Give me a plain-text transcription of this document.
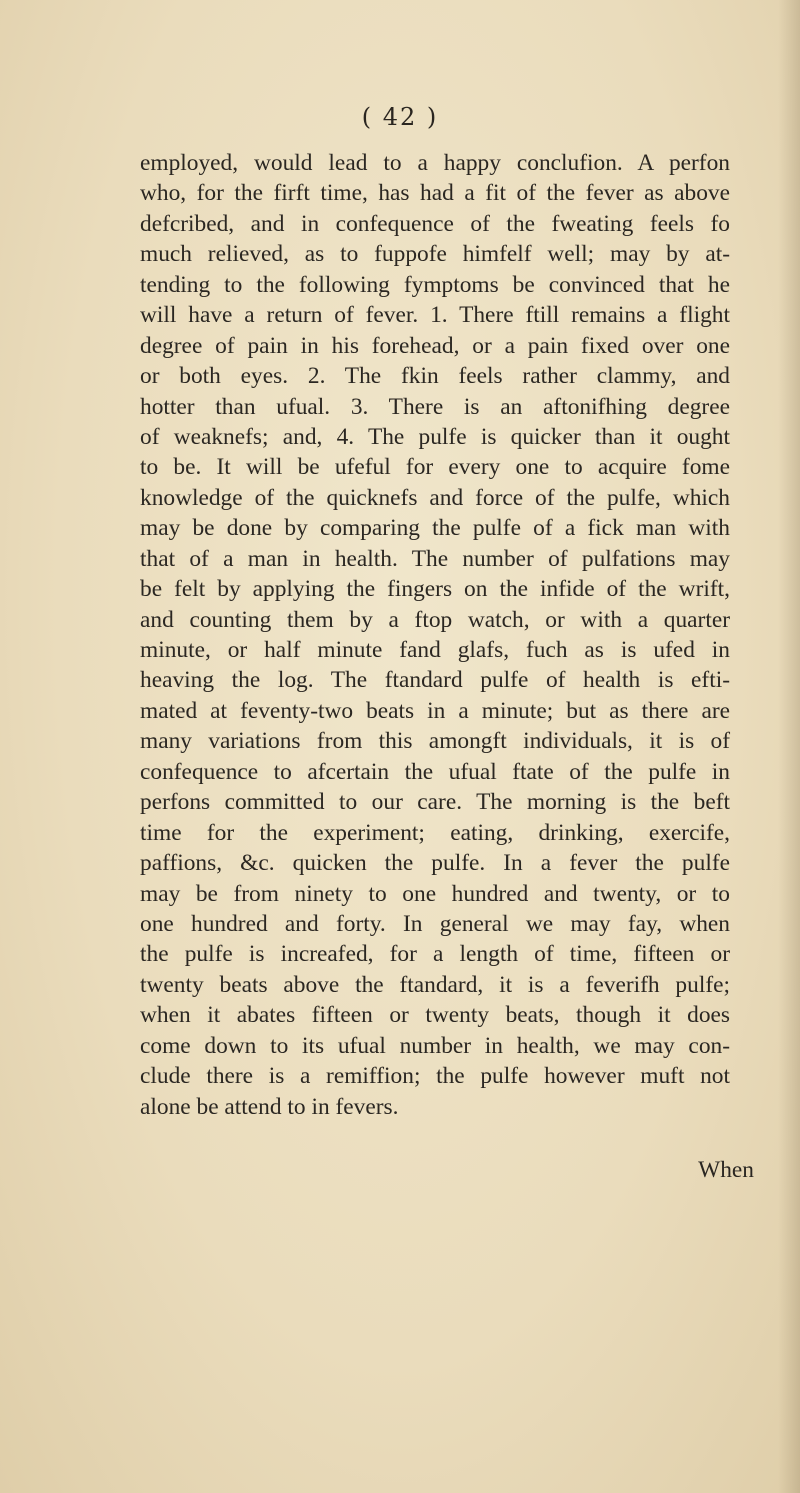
( 42 )
employed, would lead to a happy conclufion. A perfon
who, for the firft time, has had a fit of the fever as above
defcribed, and in confequence of the fweating feels fo
much relieved, as to fuppofe himfelf well; may by at-
tending to the following fymptoms be convinced that he
will have a return of fever. 1. There ftill remains a flight
degree of pain in his forehead, or a pain fixed over one
or both eyes. 2. The fkin feels rather clammy, and
hotter than ufual. 3. There is an aftonifhing degree
of weaknefs; and, 4. The pulfe is quicker than it ought
to be. It will be ufeful for every one to acquire fome
knowledge of the quicknefs and force of the pulfe, which
may be done by comparing the pulfe of a fick man with
that of a man in health. The number of pulfations may
be felt by applying the fingers on the infide of the wrift,
and counting them by a ftop watch, or with a quarter
minute, or half minute fand glafs, fuch as is ufed in
heaving the log. The ftandard pulfe of health is efti-
mated at feventy-two beats in a minute; but as there are
many variations from this amongft individuals, it is of
confequence to afcertain the ufual ftate of the pulfe in
perfons committed to our care. The morning is the beft
time for the experiment; eating, drinking, exercife,
paffions, &c. quicken the pulfe. In a fever the pulfe
may be from ninety to one hundred and twenty, or to
one hundred and forty. In general we may fay, when
the pulfe is increafed, for a length of time, fifteen or
twenty beats above the ftandard, it is a feverifh pulfe;
when it abates fifteen or twenty beats, though it does
come down to its ufual number in health, we may con-
clude there is a remiffion; the pulfe however muft not
alone be attend to in fevers.
When
